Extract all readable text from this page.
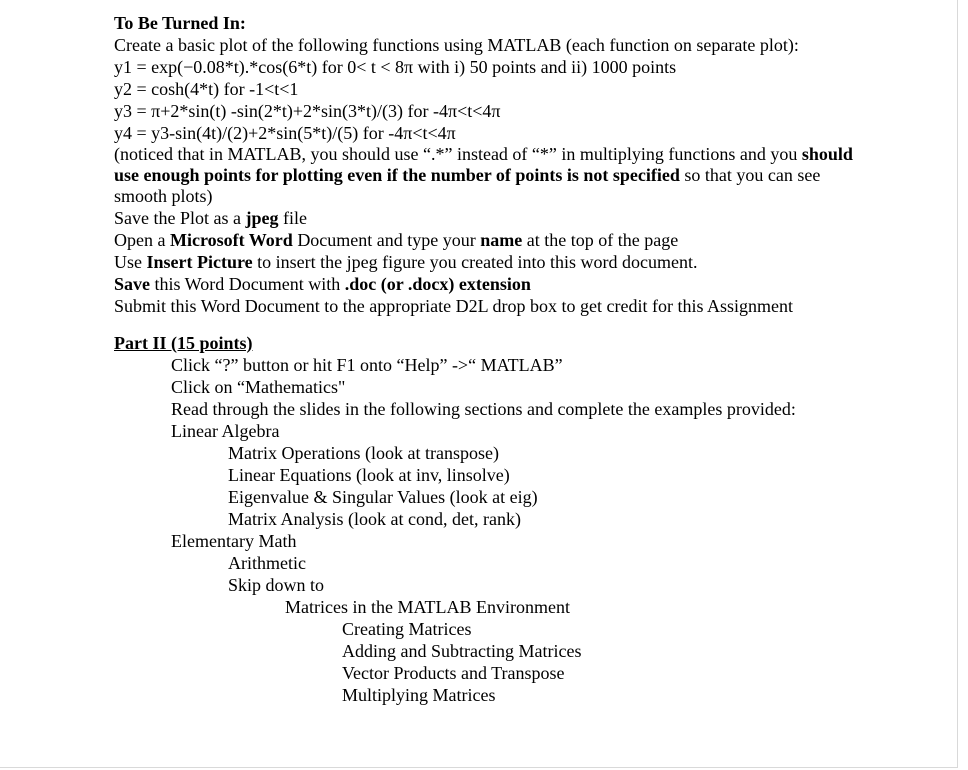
To Be Turned In:
Create a basic plot of the following functions using MATLAB (each function on separate plot):
y1 = exp(−0.08*t).*cos(6*t) for 0< t < 8π with i) 50 points and ii) 1000 points
y2 = cosh(4*t) for -1<t<1
y3 = π+2*sin(t) -sin(2*t)+2*sin(3*t)/(3) for -4π<t<4π
y4 = y3-sin(4t)/(2)+2*sin(5*t)/(5) for -4π<t<4π
(noticed that in MATLAB, you should use “.*” instead of “*” in multiplying functions and you should use enough points for plotting even if the number of points is not specified so that you can see smooth plots)
Save the Plot as a jpeg file
Open a Microsoft Word Document and type your name at the top of the page
Use Insert Picture to insert the jpeg figure you created into this word document.
Save this Word Document with .doc (or .docx) extension
Submit this Word Document to the appropriate D2L drop box to get credit for this Assignment
Part II (15 points)
Click “?” button or hit F1 onto “Help” ->“ MATLAB”
Click on “Mathematics"
Read through the slides in the following sections and complete the examples provided:
Linear Algebra
Matrix Operations (look at transpose)
Linear Equations (look at inv, linsolve)
Eigenvalue & Singular Values (look at eig)
Matrix Analysis (look at cond, det, rank)
Elementary Math
Arithmetic
Skip down to
Matrices in the MATLAB Environment
Creating Matrices
Adding and Subtracting Matrices
Vector Products and Transpose
Multiplying Matrices
